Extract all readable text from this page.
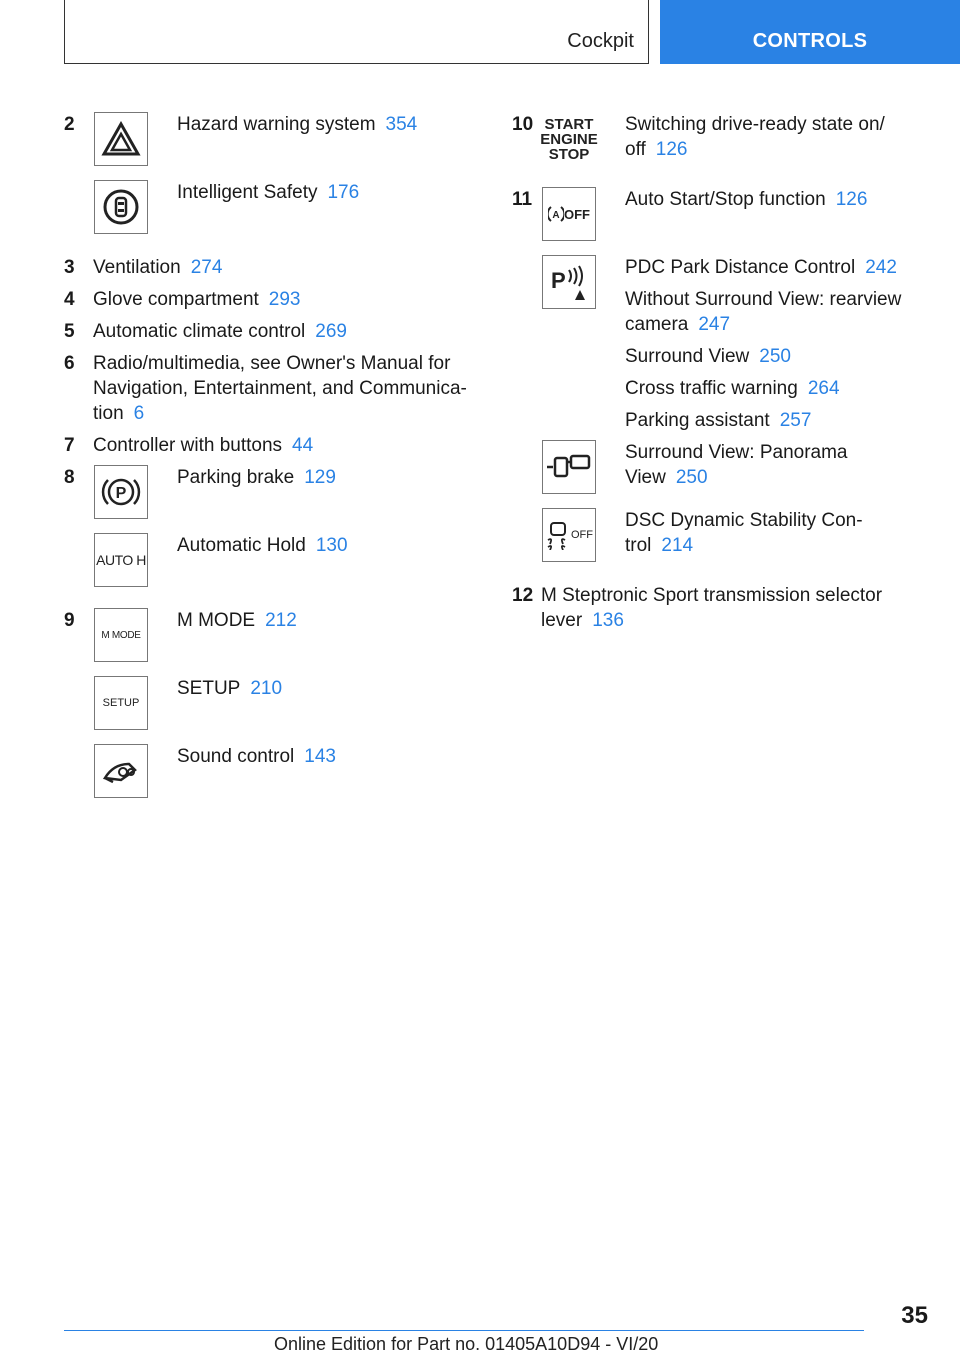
Cockpit	CONTROLS
2	Hazard warning system 354
Intelligent Safety 176
3 Ventilation 274
4 Glove compartment 293
5 Automatic climate control 269
6 Radio/multimedia, see Owner's Manual for
Navigation, Entertainment, and Communica-
tion 6
7 Controller with buttons 44
8
P
Parking brake 129
AUTO H
Automatic Hold 130
9
M MODE
M MODE 212
SETUP
SETUP 210
Sound control 143
10 START
ENGINE
STOP
Switching drive-ready state on/
off 126
11
A OFF
Auto Start/Stop function 126
P
PDC Park Distance Control 242
Without Surround View: rearview
camera 247
Surround View 250
Cross traffic warning 264
Parking assistant 257
Surround View: Panorama
View 250
OFF
DSC Dynamic Stability Con-
trol 214
12 M Steptronic Sport transmission selector
lever 136
35
Online Edition for Part no. 01405A10D94 - VI/20
